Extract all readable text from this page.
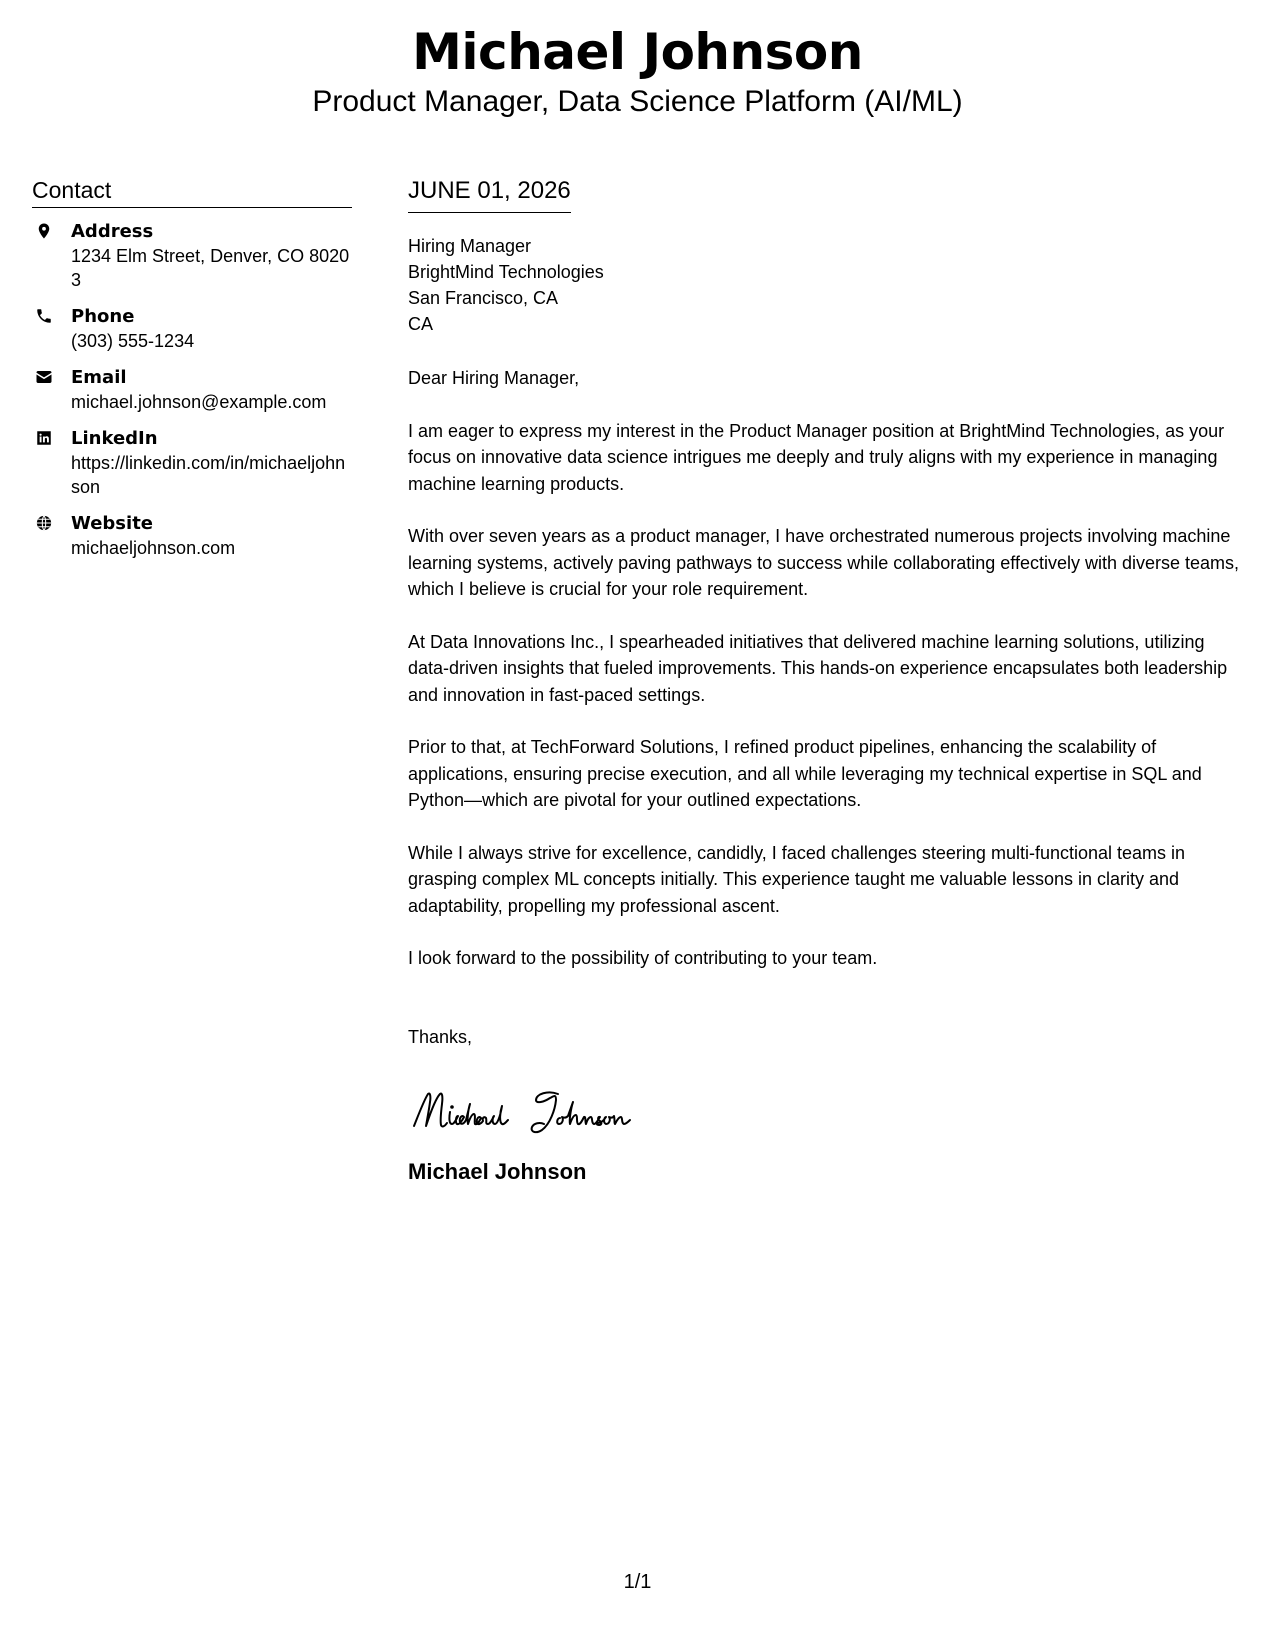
Michael Johnson
Product Manager, Data Science Platform (AI/ML)
Contact
Address
1234 Elm Street, Denver, CO 80203
Phone
(303) 555-1234
Email
michael.johnson@example.com
LinkedIn
https://linkedin.com/in/michaeljohnson
Website
michaeljohnson.com
JUNE 01, 2026
Hiring Manager
BrightMind Technologies
San Francisco, CA
CA
Dear Hiring Manager,
I am eager to express my interest in the Product Manager position at BrightMind Technologies, as your focus on innovative data science intrigues me deeply and truly aligns with my experience in managing machine learning products.
With over seven years as a product manager, I have orchestrated numerous projects involving machine learning systems, actively paving pathways to success while collaborating effectively with diverse teams, which I believe is crucial for your role requirement.
At Data Innovations Inc., I spearheaded initiatives that delivered machine learning solutions, utilizing data-driven insights that fueled improvements. This hands-on experience encapsulates both leadership and innovation in fast-paced settings.
Prior to that, at TechForward Solutions, I refined product pipelines, enhancing the scalability of applications, ensuring precise execution, and all while leveraging my technical expertise in SQL and Python—which are pivotal for your outlined expectations.
While I always strive for excellence, candidly, I faced challenges steering multi-functional teams in grasping complex ML concepts initially. This experience taught me valuable lessons in clarity and adaptability, propelling my professional ascent.
I look forward to the possibility of contributing to your team.
Thanks,
Michael Johnson
1/1
